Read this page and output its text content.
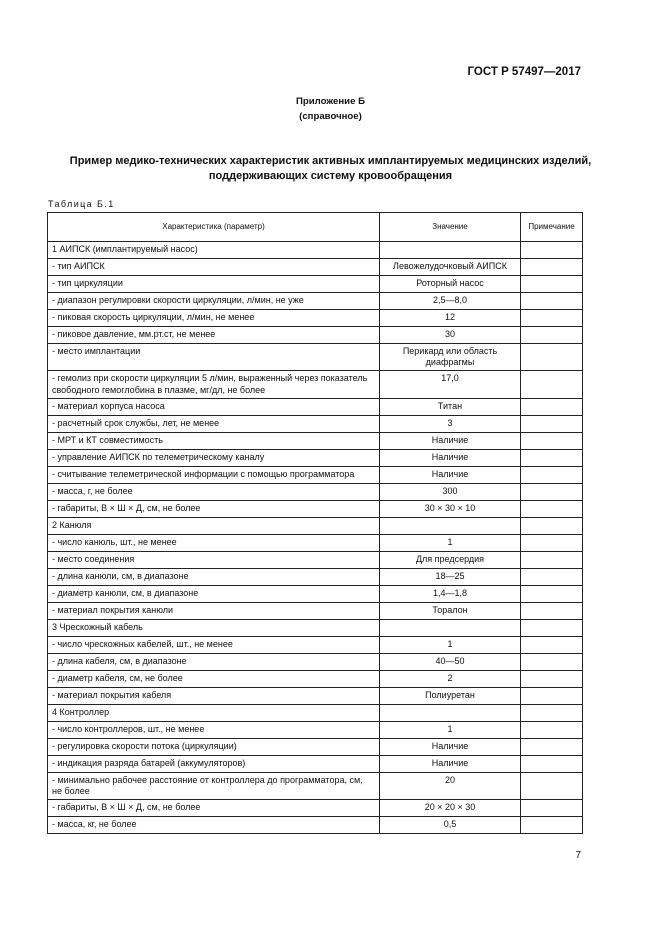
ГОСТ Р 57497—2017
Приложение Б
(справочное)
Пример медико-технических характеристик активных имплантируемых медицинских изделий,
поддерживающих систему кровообращения
Таблица Б.1
Характеристика (параметр)	Значение	Примечание
1 АИПСК (имплантируемый насос)		
- тип АИПСК	Левожелудочковый АИПСК	
- тип циркуляции	Роторный насос	
- диапазон регулировки скорости циркуляции, л/мин, не уже	2,5—8,0	
- пиковая скорость циркуляции, л/мин, не менее	12	
- пиковое давление, мм.рт.ст, не менее	30	
- место имплантации	Перикард или область диафрагмы	
- гемолиз при скорости циркуляции 5 л/мин, выраженный через показатель свободного гемоглобина в плазме, мг/дл, не более	17,0	
- материал корпуса насоса	Титан	
- расчетный срок службы, лет, не менее	3	
- МРТ и КТ совместимость	Наличие	
- управление АИПСК по телеметрическому каналу	Наличие	
- считывание телеметрической информации с помощью программатора	Наличие	
- масса, г, не более	300	
- габариты, В × Ш × Д, см, не более	30 × 30 × 10	
2 Канюля		
- число канюль, шт., не менее	1	
- место соединения	Для предсердия	
- длина канюли, см, в диапазоне	18—25	
- диаметр канюли, см, в диапазоне	1,4—1,8	
- материал покрытия канюли	Торалон	
3 Чрескожный кабель		
- число чрескожных кабелей, шт., не менее	1	
- длина кабеля, см, в диапазоне	40—50	
- диаметр кабеля, см, не более	2	
- материал покрытия кабеля	Полиуретан	
4 Контроллер		
- число контроллеров, шт., не менее	1	
- регулировка скорости потока (циркуляции)	Наличие	
- индикация разряда батарей (аккумуляторов)	Наличие	
- минимально рабочее расстояние от контроллера до программатора, см, не более	20	
- габариты, В × Ш × Д, см, не более	20 × 20 × 30	
- масса, кг, не более	0,5	
7
